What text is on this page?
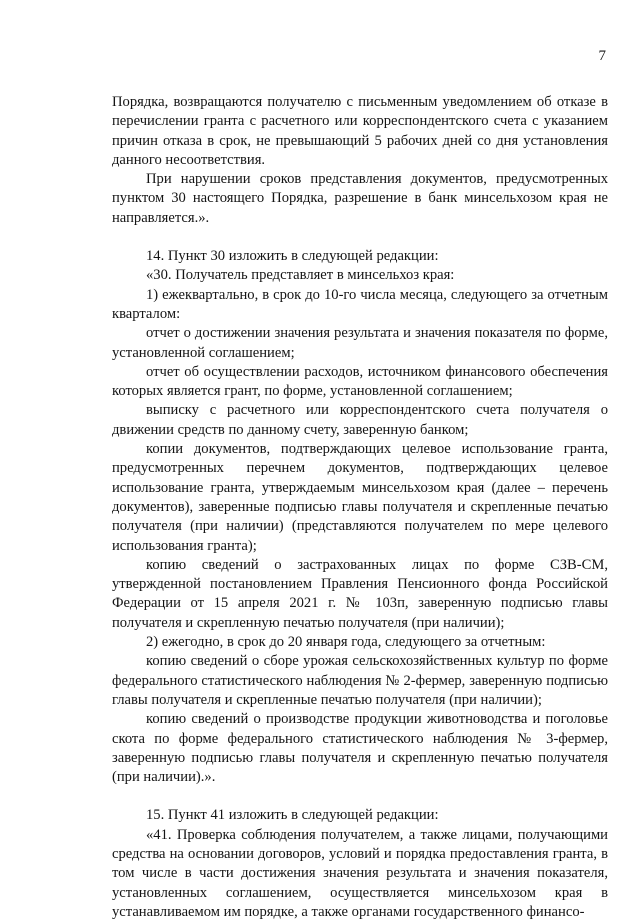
7

Порядка, возвращаются получателю с письменным уведомлением об отказе в перечислении гранта с расчетного или корреспондентского счета с указанием причин отказа в срок, не превышающий 5 рабочих дней со дня установления данного несоответствия.

При нарушении сроков представления документов, предусмотренных пунктом 30 настоящего Порядка, разрешение в банк минсельхозом края не направляется.».

14. Пункт 30 изложить в следующей редакции:

«30. Получатель представляет в минсельхоз края:

1) ежеквартально, в срок до 10-го числа месяца, следующего за отчетным кварталом:

отчет о достижении значения результата и значения показателя по форме, установленной соглашением;

отчет об осуществлении расходов, источником финансового обеспечения которых является грант, по форме, установленной соглашением;

выписку с расчетного или корреспондентского счета получателя о движении средств по данному счету, заверенную банком;

копии документов, подтверждающих целевое использование гранта, предусмотренных перечнем документов, подтверждающих целевое использование гранта, утверждаемым минсельхозом края (далее – перечень документов), заверенные подписью главы получателя и скрепленные печатью получателя (при наличии) (представляются получателем по мере целевого использования гранта);

копию сведений о застрахованных лицах по форме СЗВ-СМ, утвержденной постановлением Правления Пенсионного фонда Российской Федерации от 15 апреля 2021 г. № 103п, заверенную подписью главы получателя и скрепленную печатью получателя (при наличии);

2) ежегодно, в срок до 20 января года, следующего за отчетным:

копию сведений о сборе урожая сельскохозяйственных культур по форме федерального статистического наблюдения № 2-фермер, заверенную подписью главы получателя и скрепленные печатью получателя (при наличии);

копию сведений о производстве продукции животноводства и поголовье скота по форме федерального статистического наблюдения № 3-фермер, заверенную подписью главы получателя и скрепленную печатью получателя (при наличии).».

15. Пункт 41 изложить в следующей редакции:

«41. Проверка соблюдения получателем, а также лицами, получающими средства на основании договоров, условий и порядка предоставления гранта, в том числе в части достижения значения результата и значения показателя, установленных соглашением, осуществляется минсельхозом края в устанавливаемом им порядке, а также органами государственного финансо-
